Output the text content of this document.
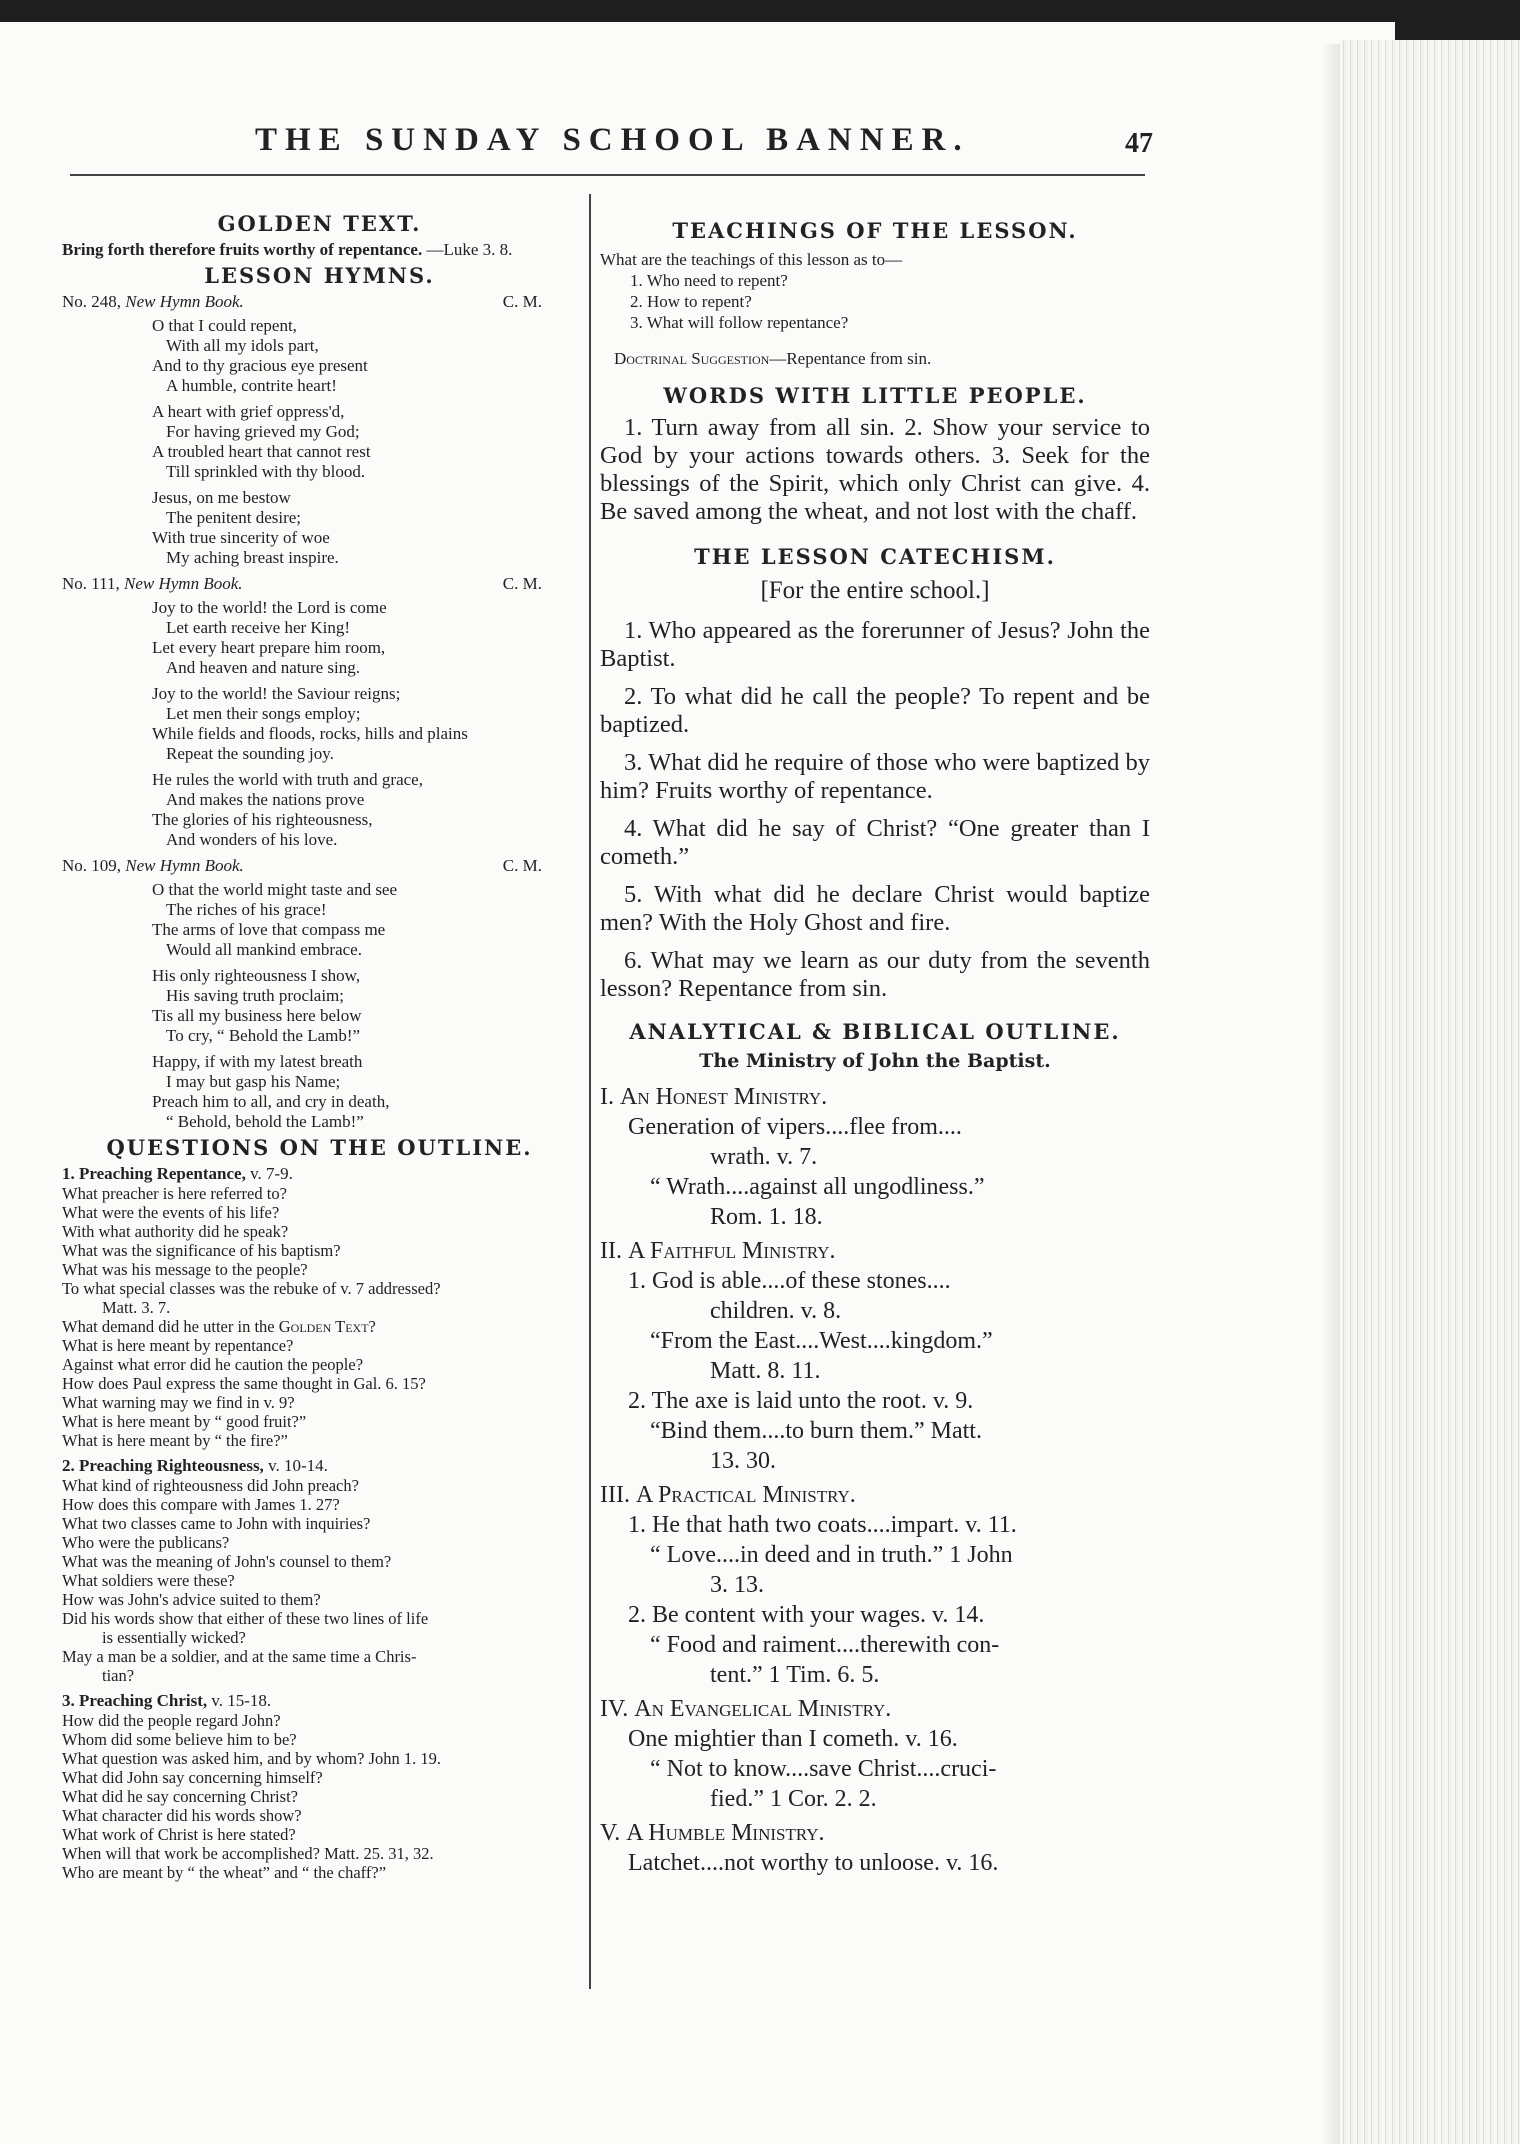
THE SUNDAY SCHOOL BANNER.	47
GOLDEN TEXT.
Bring forth therefore fruits worthy of repentance. —Luke 3. 8.
LESSON HYMNS.
No. 248, New Hymn Book.	C. M.
O that I could repent,
With all my idols part,
And to thy gracious eye present
A humble, contrite heart!
A heart with grief oppress'd,
For having grieved my God;
A troubled heart that cannot rest
Till sprinkled with thy blood.
Jesus, on me bestow
The penitent desire;
With true sincerity of woe
My aching breast inspire.
No. 111, New Hymn Book.	C. M.
Joy to the world! the Lord is come
Let earth receive her King!
Let every heart prepare him room,
And heaven and nature sing.
Joy to the world! the Saviour reigns;
Let men their songs employ;
While fields and floods, rocks, hills and plains
Repeat the sounding joy.
He rules the world with truth and grace,
And makes the nations prove
The glories of his righteousness,
And wonders of his love.
No. 109, New Hymn Book.	C. M.
O that the world might taste and see
The riches of his grace!
The arms of love that compass me
Would all mankind embrace.
His only righteousness I show,
His saving truth proclaim;
Tis all my business here below
To cry, “ Behold the Lamb!”
Happy, if with my latest breath
I may but gasp his Name;
Preach him to all, and cry in death,
“ Behold, behold the Lamb!”
QUESTIONS ON THE OUTLINE.
1. Preaching Repentance, v. 7-9.
What preacher is here referred to?
What were the events of his life?
With what authority did he speak?
What was the significance of his baptism?
What was his message to the people?
To what special classes was the rebuke of v. 7 addressed?
Matt. 3. 7.
What demand did he utter in the Golden Text?
What is here meant by repentance?
Against what error did he caution the people?
How does Paul express the same thought in Gal. 6. 15?
What warning may we find in v. 9?
What is here meant by “ good fruit?”
What is here meant by “ the fire?”
2. Preaching Righteousness, v. 10-14.
What kind of righteousness did John preach?
How does this compare with James 1. 27?
What two classes came to John with inquiries?
Who were the publicans?
What was the meaning of John's counsel to them?
What soldiers were these?
How was John's advice suited to them?
Did his words show that either of these two lines of life
is essentially wicked?
May a man be a soldier, and at the same time a Chris-
tian?
3. Preaching Christ, v. 15-18.
How did the people regard John?
Whom did some believe him to be?
What question was asked him, and by whom? John 1. 19.
What did John say concerning himself?
What did he say concerning Christ?
What character did his words show?
What work of Christ is here stated?
When will that work be accomplished? Matt. 25. 31, 32.
Who are meant by “ the wheat” and “ the chaff?”
TEACHINGS OF THE LESSON.
What are the teachings of this lesson as to—
1. Who need to repent?
2. How to repent?
3. What will follow repentance?
Doctrinal Suggestion—Repentance from sin.
WORDS WITH LITTLE PEOPLE.

1. Turn away from all sin. 2. Show your service to God by your actions towards others. 3. Seek for the blessings of the Spirit, which only Christ can give. 4. Be saved among the wheat, and not lost with the chaff.

THE LESSON CATECHISM.
[For the entire school.]

1. Who appeared as the forerunner of Jesus? John the Baptist.

2. To what did he call the people? To repent and be baptized.

3. What did he require of those who were baptized by him? Fruits worthy of repentance.

4. What did he say of Christ? “One greater than I cometh.”

5. With what did he declare Christ would baptize men? With the Holy Ghost and fire.

6. What may we learn as our duty from the seventh lesson? Repentance from sin.

ANALYTICAL & BIBLICAL OUTLINE.
The Ministry of John the Baptist.
I. An Honest Ministry.
Generation of vipers....flee from....
wrath. v. 7.
“ Wrath....against all ungodliness.”
Rom. 1. 18.
II. A Faithful Ministry.
1. God is able....of these stones....
children. v. 8.
“From the East....West....kingdom.”
Matt. 8. 11.
2. The axe is laid unto the root. v. 9.
“Bind them....to burn them.” Matt.
13. 30.
III. A Practical Ministry.
1. He that hath two coats....impart. v. 11.
“ Love....in deed and in truth.” 1 John
3. 13.
2. Be content with your wages. v. 14.
“ Food and raiment....therewith con-
tent.” 1 Tim. 6. 5.
IV. An Evangelical Ministry.
One mightier than I cometh. v. 16.
“ Not to know....save Christ....cruci-
fied.” 1 Cor. 2. 2.
V. A Humble Ministry.
Latchet....not worthy to unloose. v. 16.
